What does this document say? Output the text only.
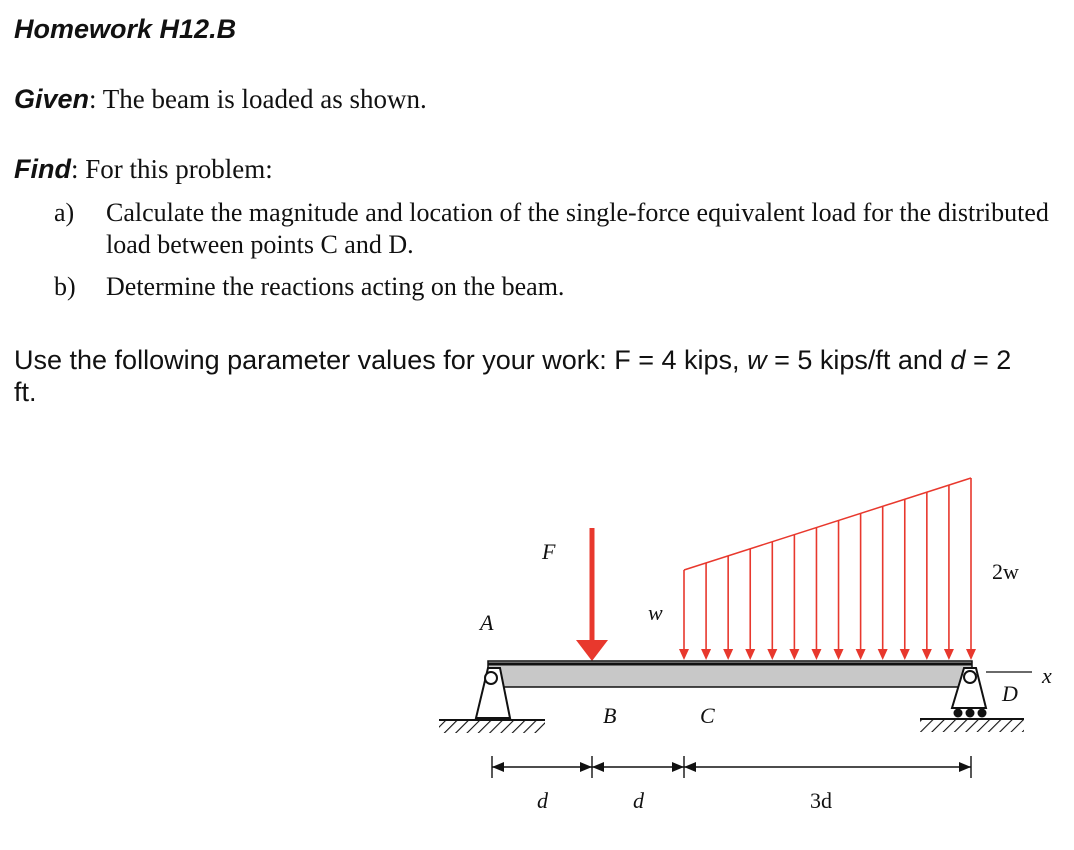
Homework H12.B
Given: The beam is loaded as shown.
Find: For this problem:
a)	Calculate the magnitude and location of the single-force equivalent load for the distributed load between points C and D.
b)	Determine the reactions acting on the beam.
Use the following parameter values for your work: F = 4 kips, w = 5 kips/ft and d = 2
ft.
A
B	C
D
F
w
2w
x
d	d	3d
